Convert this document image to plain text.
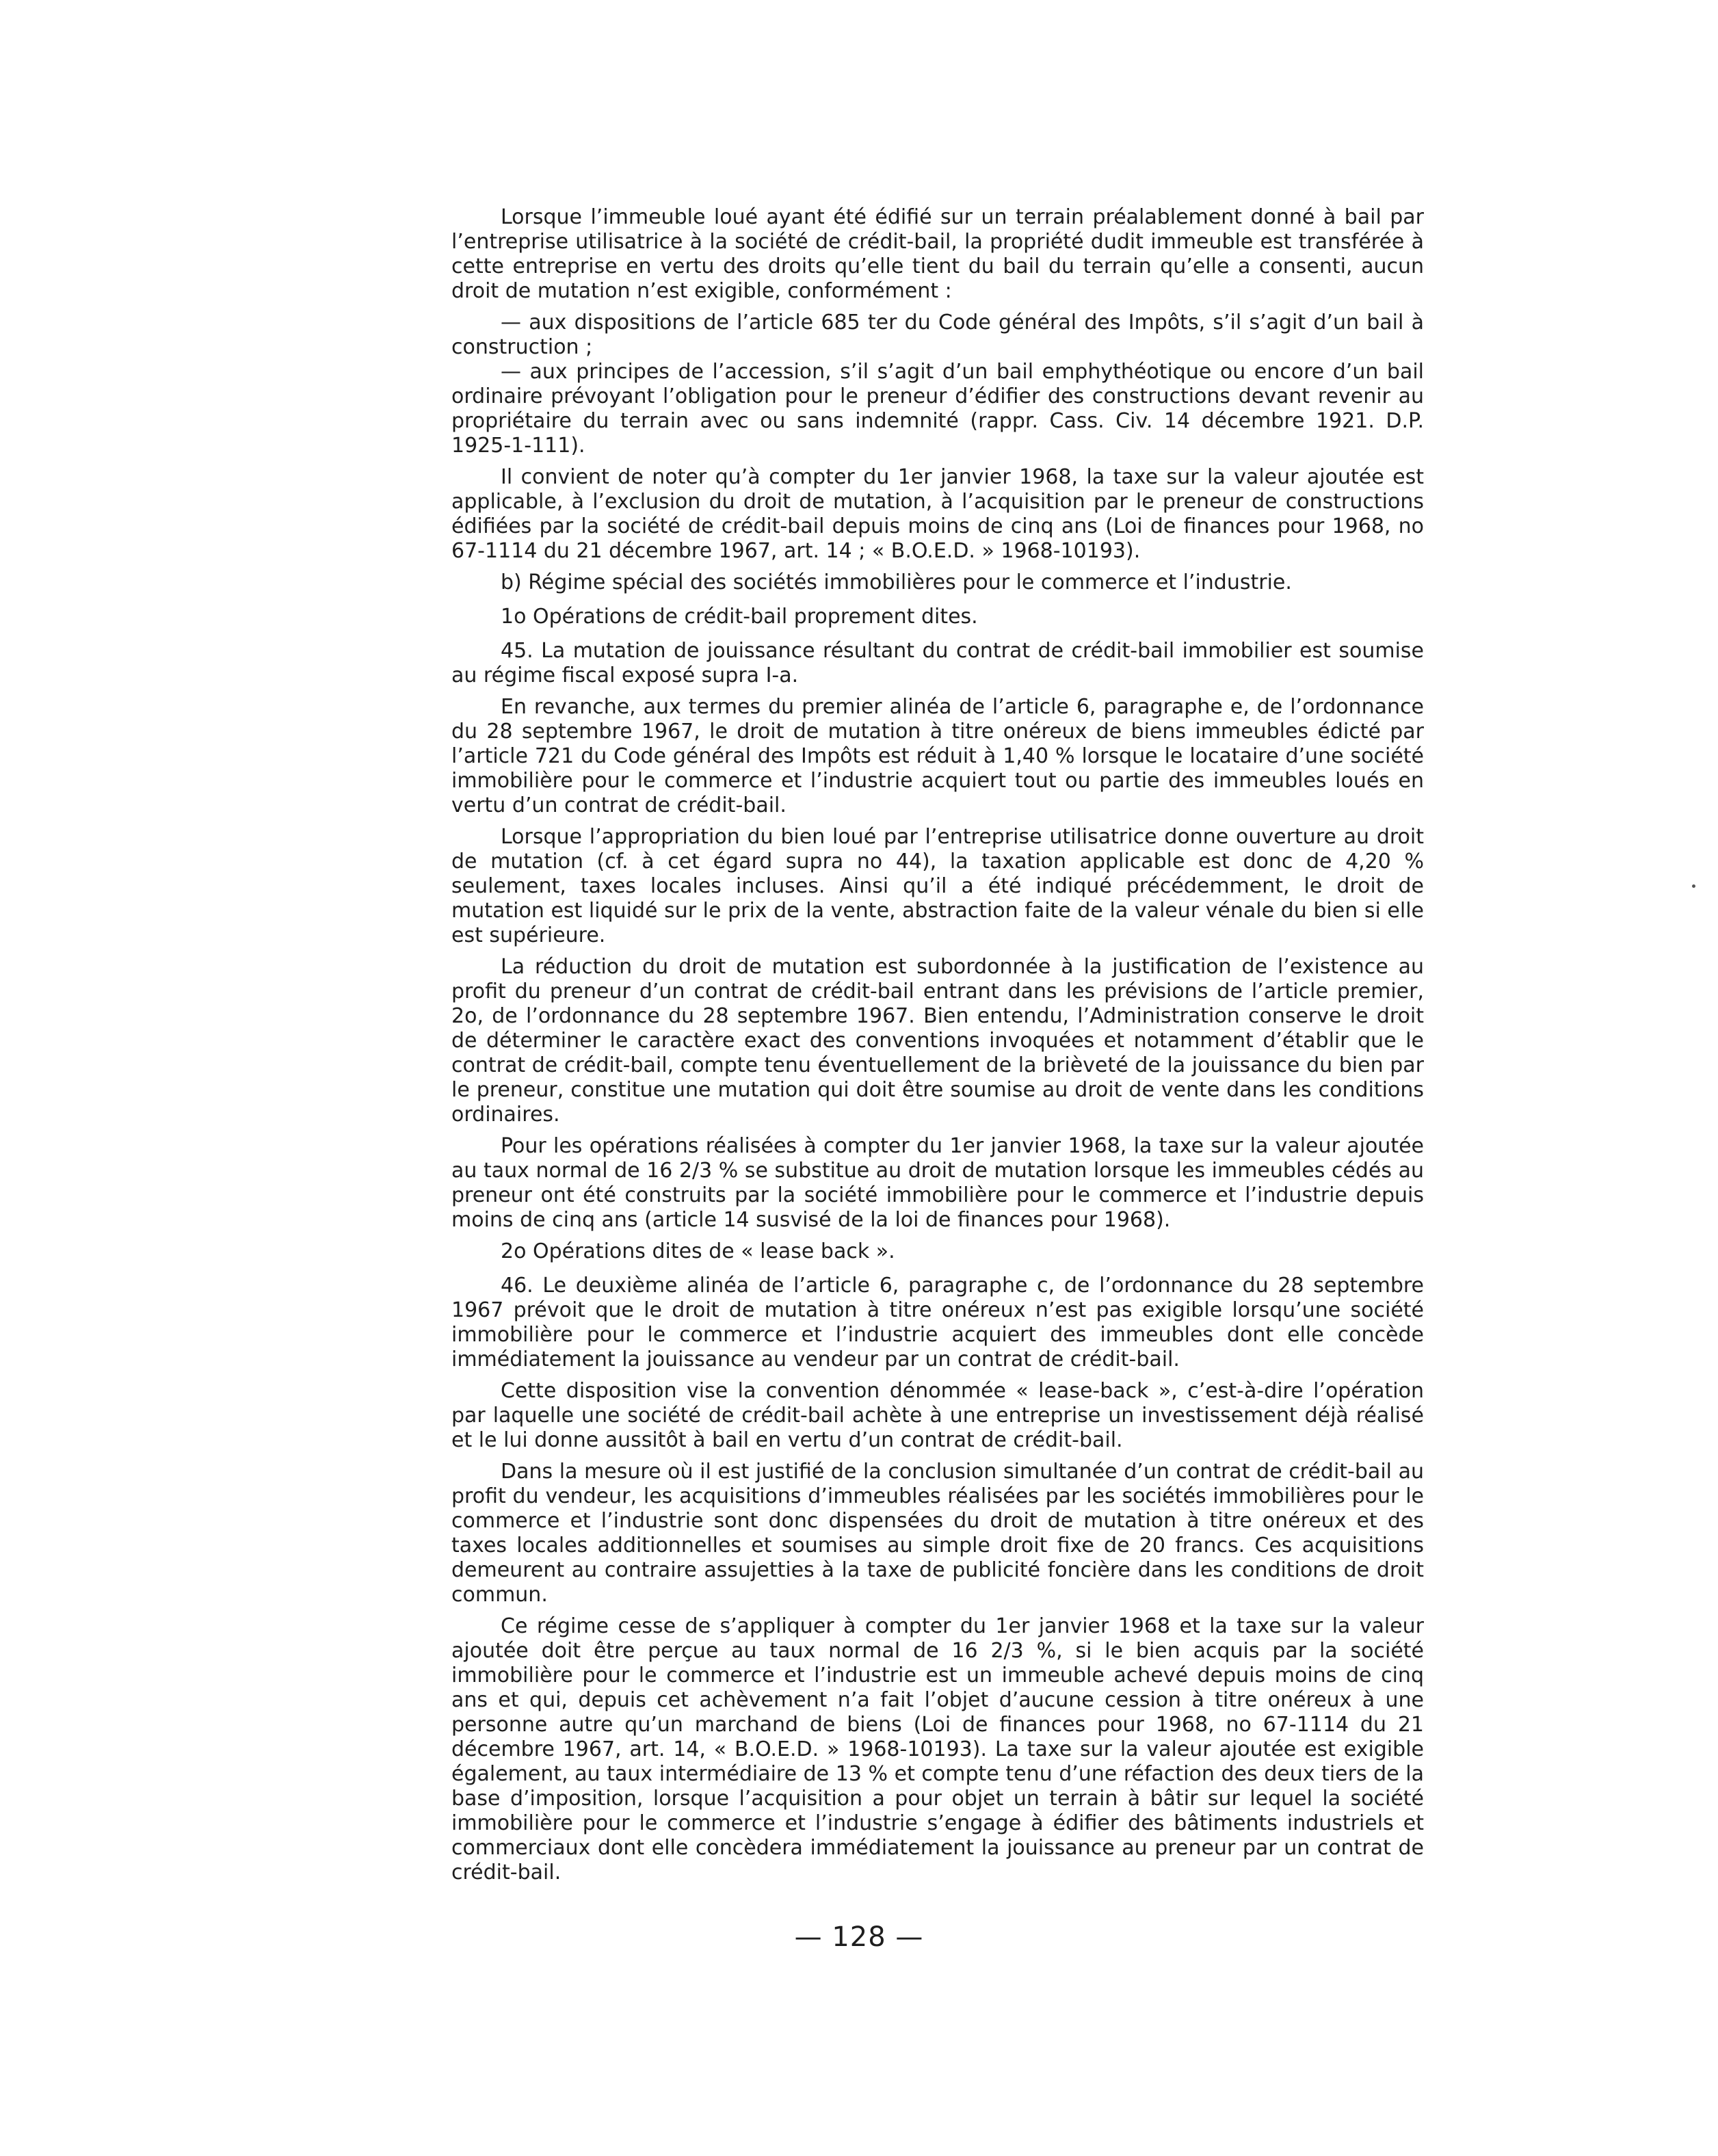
Lorsque l’immeuble loué ayant été édifié sur un terrain préalablement donné à bail par l’entreprise utilisatrice à la société de crédit-bail, la propriété dudit immeuble est transférée à cette entreprise en vertu des droits qu’elle tient du bail du terrain qu’elle a consenti, aucun droit de mutation n’est exigible, conformément :

— aux dispositions de l’article 685 ter du Code général des Impôts, s’il s’agit d’un bail à construction ;

— aux principes de l’accession, s’il s’agit d’un bail emphythéotique ou encore d’un bail ordinaire prévoyant l’obligation pour le preneur d’édifier des constructions devant revenir au propriétaire du terrain avec ou sans indemnité (rappr. Cass. Civ. 14 décembre 1921. D.P. 1925-1-111).

Il convient de noter qu’à compter du 1er janvier 1968, la taxe sur la valeur ajoutée est applicable, à l’exclusion du droit de mutation, à l’acquisition par le preneur de constructions édifiées par la société de crédit-bail depuis moins de cinq ans (Loi de finances pour 1968, no 67-1114 du 21 décembre 1967, art. 14 ; « B.O.E.D. » 1968-10193).

b) Régime spécial des sociétés immobilières pour le commerce et l’industrie.

1o Opérations de crédit-bail proprement dites.

45. La mutation de jouissance résultant du contrat de crédit-bail immobilier est soumise au régime fiscal exposé supra I-a.

En revanche, aux termes du premier alinéa de l’article 6, paragraphe e, de l’ordonnance du 28 septembre 1967, le droit de mutation à titre onéreux de biens immeubles édicté par l’article 721 du Code général des Impôts est réduit à 1,40 % lorsque le locataire d’une société immobilière pour le commerce et l’industrie acquiert tout ou partie des immeubles loués en vertu d’un contrat de crédit-bail.

Lorsque l’appropriation du bien loué par l’entreprise utilisatrice donne ouverture au droit de mutation (cf. à cet égard supra no 44), la taxation applicable est donc de 4,20 % seulement, taxes locales incluses. Ainsi qu’il a été indiqué précédemment, le droit de mutation est liquidé sur le prix de la vente, abstraction faite de la valeur vénale du bien si elle est supérieure.

La réduction du droit de mutation est subordonnée à la justification de l’existence au profit du preneur d’un contrat de crédit-bail entrant dans les prévisions de l’article premier, 2o, de l’ordonnance du 28 septembre 1967. Bien entendu, l’Administration conserve le droit de déterminer le caractère exact des conventions invoquées et notamment d’établir que le contrat de crédit-bail, compte tenu éventuellement de la brièveté de la jouissance du bien par le preneur, constitue une mutation qui doit être soumise au droit de vente dans les conditions ordinaires.

Pour les opérations réalisées à compter du 1er janvier 1968, la taxe sur la valeur ajoutée au taux normal de 16 2/3 % se substitue au droit de mutation lorsque les immeubles cédés au preneur ont été construits par la société immobilière pour le commerce et l’industrie depuis moins de cinq ans (article 14 susvisé de la loi de finances pour 1968).

2o Opérations dites de « lease back ».

46. Le deuxième alinéa de l’article 6, paragraphe c, de l’ordonnance du 28 septembre 1967 prévoit que le droit de mutation à titre onéreux n’est pas exigible lorsqu’une société immobilière pour le commerce et l’industrie acquiert des immeubles dont elle concède immédiatement la jouissance au vendeur par un contrat de crédit-bail.

Cette disposition vise la convention dénommée « lease-back », c’est-à-dire l’opération par laquelle une société de crédit-bail achète à une entreprise un investissement déjà réalisé et le lui donne aussitôt à bail en vertu d’un contrat de crédit-bail.

Dans la mesure où il est justifié de la conclusion simultanée d’un contrat de crédit-bail au profit du vendeur, les acquisitions d’immeubles réalisées par les sociétés immobilières pour le commerce et l’industrie sont donc dispensées du droit de mutation à titre onéreux et des taxes locales additionnelles et soumises au simple droit fixe de 20 francs. Ces acquisitions demeurent au contraire assujetties à la taxe de publicité foncière dans les conditions de droit commun.

Ce régime cesse de s’appliquer à compter du 1er janvier 1968 et la taxe sur la valeur ajoutée doit être perçue au taux normal de 16 2/3 %, si le bien acquis par la société immobilière pour le commerce et l’industrie est un immeuble achevé depuis moins de cinq ans et qui, depuis cet achèvement n’a fait l’objet d’aucune cession à titre onéreux à une personne autre qu’un marchand de biens (Loi de finances pour 1968, no 67-1114 du 21 décembre 1967, art. 14, « B.O.E.D. » 1968-10193). La taxe sur la valeur ajoutée est exigible également, au taux intermédiaire de 13 % et compte tenu d’une réfaction des deux tiers de la base d’imposition, lorsque l’acquisition a pour objet un terrain à bâtir sur lequel la société immobilière pour le commerce et l’industrie s’engage à édifier des bâtiments industriels et commerciaux dont elle concèdera immédiatement la jouissance au preneur par un contrat de crédit-bail.

— 128 —
